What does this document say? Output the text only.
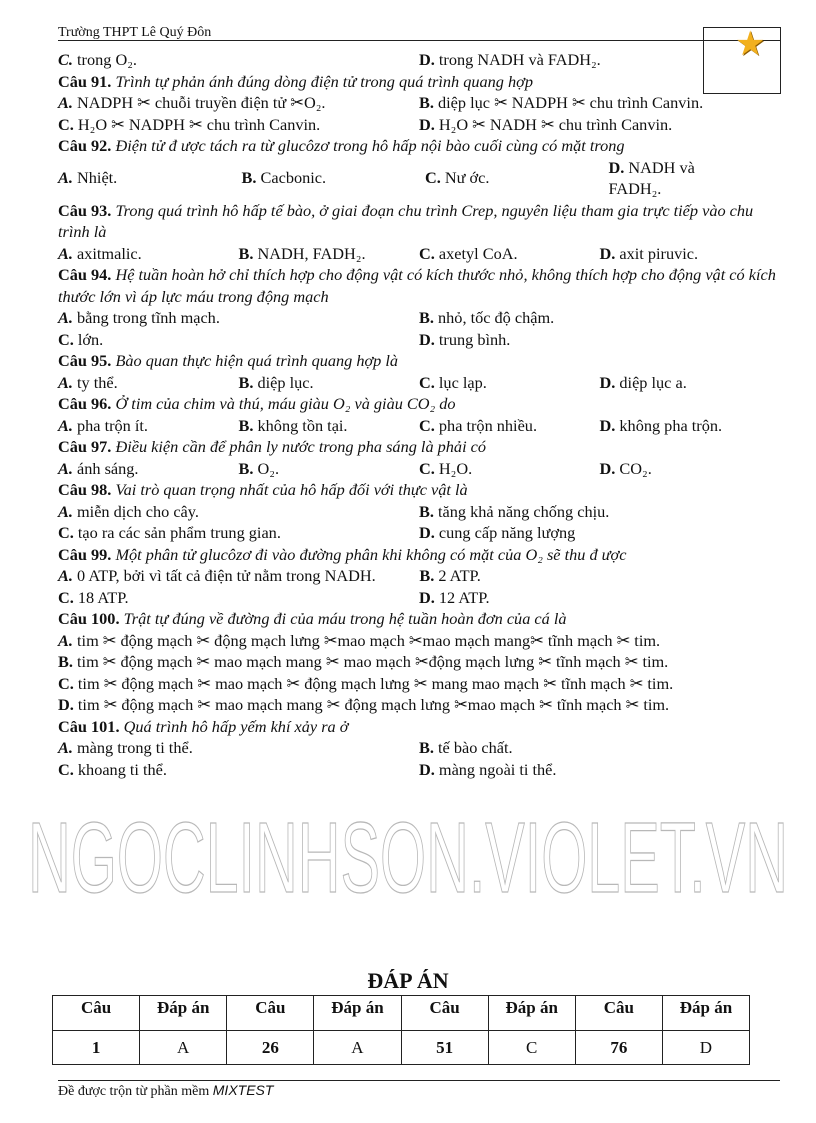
Trường THPT Lê Quý Đôn	★
C. trong O₂.	D. trong NADH và FADH₂.
Câu 91. Trình tự phản ánh đúng dòng điện tử trong quá trình quang hợp
A. NADPH ✂ chuỗi truyền điện tử ✂O₂.	B. diệp lục ✂ NADPH ✂ chu trình Canvin.
C. H₂O ✂ NADPH ✂ chu trình Canvin.	D. H₂O ✂ NADH ✂ chu trình Canvin.
Câu 92. Điện tử đ ược tách ra từ glucôzơ trong hô hấp nội bào cuối cùng có mặt trong
A. Nhiệt.	B. Cacbonic.	C. Nư ớc.
D. NADH và FADH₂.
Câu 93. Trong quá trình hô hấp tế bào, ở giai đoạn chu trình Crep, nguyên liệu tham gia trực tiếp vào chu trình là
A. axitmalic.	B. NADH, FADH₂.	C. axetyl CoA.	D. axit piruvic.
Câu 94. Hệ tuần hoàn hở chỉ thích hợp cho động vật có kích thước nhỏ, không thích hợp cho động vật có kích thước lớn vì áp lực máu trong động mạch
A. bằng trong tĩnh mạch.	B. nhỏ, tốc độ chậm.
C. lớn.	D. trung bình.
Câu 95. Bào quan thực hiện quá trình quang hợp là
A. ty thể.	B. diệp lục.	C. lục lạp.	D. diệp lục a.
Câu 96. Ở tim của chim và thú, máu giàu O₂ và giàu CO₂ do
A. pha trộn ít.	B. không tồn tại.	C. pha trộn nhiều.	D. không pha trộn.
Câu 97. Điều kiện cần để phân ly nước trong pha sáng là phải có
A. ánh sáng.	B. O₂.	C. H₂O.	D. CO₂.
Câu 98. Vai trò quan trọng nhất của hô hấp đối với thực vật là
A. miễn dịch cho cây.	B. tăng khả năng chống chịu.
C. tạo ra các sản phẩm trung gian.	D. cung cấp năng lượng
Câu 99. Một phân tử glucôzơ đi vào đường phân khi không có mặt của O₂ sẽ thu đ ược
A. 0 ATP, bởi vì tất cả điện tử nằm trong NADH.	B. 2 ATP.
C. 18 ATP.	D. 12 ATP.
Câu 100. Trật tự đúng về đường đi của máu trong hệ tuần hoàn đơn của cá là
A. tim ✂ động mạch ✂ động mạch lưng ✂mao mạch ✂mao mạch mang✂ tĩnh mạch ✂ tim.
B. tim ✂ động mạch ✂ mao mạch mang ✂ mao mạch ✂động mạch lưng ✂ tĩnh mạch ✂ tim.
C. tim ✂ động mạch ✂ mao mạch ✂ động mạch lưng ✂ mang mao mạch ✂ tĩnh mạch ✂ tim.
D. tim ✂ động mạch ✂ mao mạch mang ✂ động mạch lưng ✂mao mạch ✂ tĩnh mạch ✂ tim.
Câu 101. Quá trình hô hấp yếm khí xảy ra ở
A. màng trong ti thể.	B. tế bào chất.
C. khoang ti thể.	D. màng ngoài ti thể.
NGOCLINHSON.VIOLET.VN
ĐÁP ÁN
Câu	Đáp án	Câu	Đáp án	Câu	Đáp án	Câu	Đáp án
1	A	26	A	51	C	76	D
Đề được trộn từ phần mềm MIXTEST
